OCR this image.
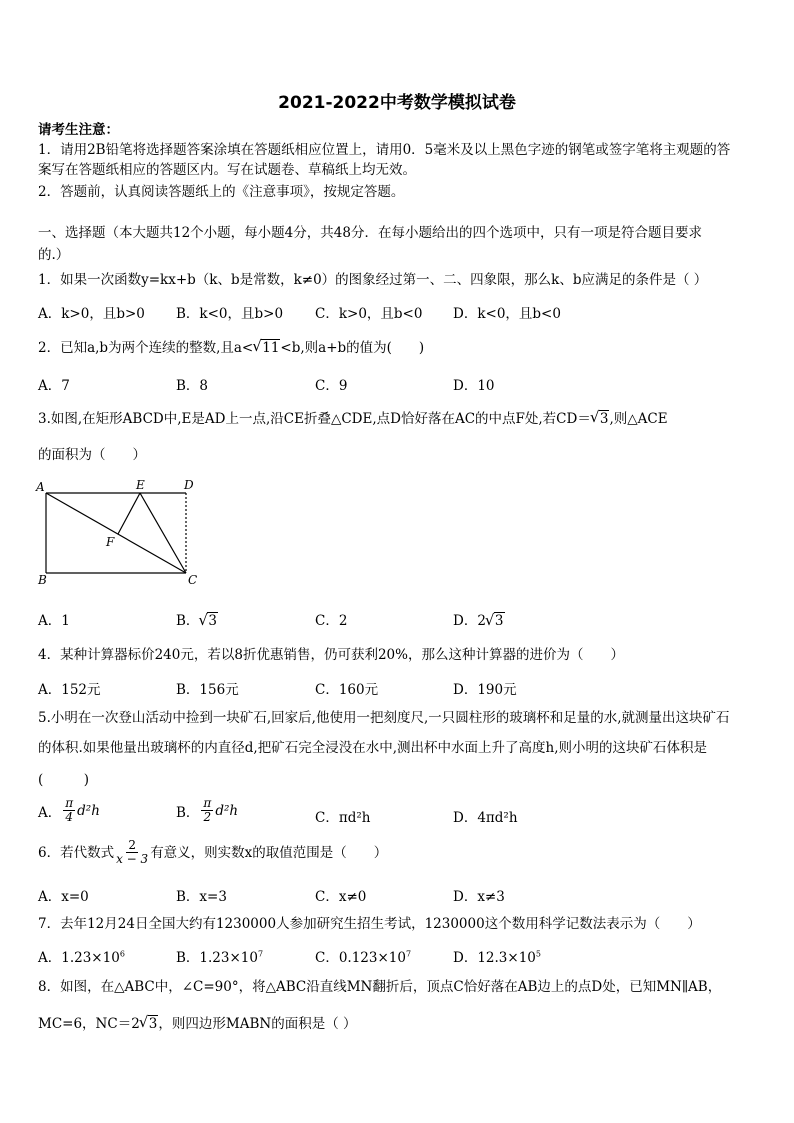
2021-2022中考数学模拟试卷
请考生注意：
1．请用2B铅笔将选择题答案涂填在答题纸相应位置上，请用0．5毫米及以上黑色字迹的钢笔或签字笔将主观题的答
案写在答题纸相应的答题区内。写在试题卷、草稿纸上均无效。
2．答题前，认真阅读答题纸上的《注意事项》，按规定答题。
一、选择题（本大题共12个小题，每小题4分，共48分．在每小题给出的四个选项中，只有一项是符合题目要求
的.）
1．如果一次函数y=kx+b（k、b是常数，k≠0）的图象经过第一、二、四象限，那么k、b应满足的条件是（ ）
A．k>0，且b>0 B．k<0，且b>0 C．k>0，且b<0 D．k<0，且b<0
2．已知a,b为两个连续的整数,且a< √ 11<b,则a+b的值为(　　)
A．7	B．8	C．9	D．10
3.如图,在矩形ABCD中,E是AD上一点,沿CE折叠△CDE,点D恰好落在AC的中点F处,若CD＝ √ 3,则△ACE
的面积为（　　）
A	E	D
F
B	C
A．1	B． √ 3	C．2	D．2 √ 3
4．某种计算器标价240元，若以8折优惠销售，仍可获利20%，那么这种计算器的进价为（　　）
A．152元	B．156元	C．160元	D．190元
5.小明在一次登山活动中捡到一块矿石,回家后,他使用一把刻度尺,一只圆柱形的玻璃杯和足量的水,就测量出这块矿石
的体积.如果他量出玻璃杯的内直径d,把矿石完全浸没在水中,测出杯中水面上升了高度h,则小明的这块矿石体积是
(　　　)
A． $\frac{\pi}{4} d^2h$	B． $\frac{\pi}{2} d^2h$	C．πd²h	D．4πd²h
6．若代数式 $\frac{2}{x - 3}$ 有意义，则实数x的取值范围是（　　）
A．x=0	B．x=3	C．x≠0	D．x≠3
7．去年12月24日全国大约有1230000人参加研究生招生考试，1230000这个数用科学记数法表示为（　　）
A．$1.23\times 10^6$	B．$1.23\times 10^7$	C．$0.123\times 10^7$	D．$12.3\times 10^5$
8．如图，在△ABC中，∠C=90°，将△ABC沿直线MN翻折后，顶点C恰好落在AB边上的点D处，已知MN∥AB，
MC=6，NC＝2 √ 3，则四边形MABN的面积是（ ）
